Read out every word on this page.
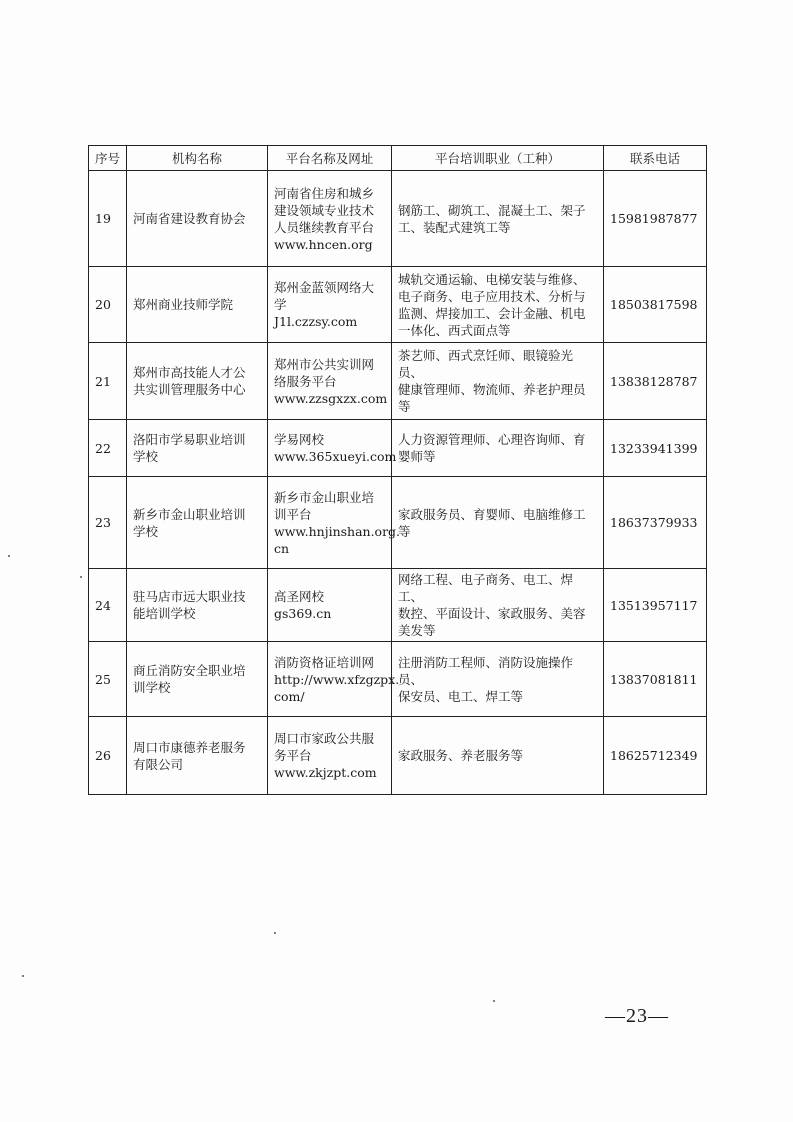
序号	机构名称	平台名称及网址	平台培训职业（工种）	联系电话
19	河南省建设教育协会	河南省住房和城乡
建设领域专业技术
人员继续教育平台
www.hncen.org	钢筋工、砌筑工、混凝土工、架子
工、装配式建筑工等	15981987877
20	郑州商业技师学院	郑州金蓝领网络大
学
J1l.czzsy.com	城轨交通运输、电梯安装与维修、
电子商务、电子应用技术、分析与
监测、焊接加工、会计金融、机电
一体化、西式面点等	18503817598
21	郑州市高技能人才公
共实训管理服务中心	郑州市公共实训网
络服务平台
www.zzsgxzx.com	茶艺师、西式烹饪师、眼镜验光员、
健康管理师、物流师、养老护理员
等	13838128787
22	洛阳市学易职业培训
学校	学易网校
www.365xueyi.com	人力资源管理师、心理咨询师、育
婴师等	13233941399
23	新乡市金山职业培训
学校	新乡市金山职业培
训平台
www.hnjinshan.org.
cn	家政服务员、育婴师、电脑维修工
等	18637379933
24	驻马店市远大职业技
能培训学校	高圣网校
gs369.cn	网络工程、电子商务、电工、焊工、
数控、平面设计、家政服务、美容
美发等	13513957117
25	商丘消防安全职业培
训学校	消防资格证培训网
http://www.xfzgzpx.
com/	注册消防工程师、消防设施操作员、
保安员、电工、焊工等	13837081811
26	周口市康德养老服务
有限公司	周口市家政公共服
务平台
www.zkjzpt.com	家政服务、养老服务等	18625712349
—23—
